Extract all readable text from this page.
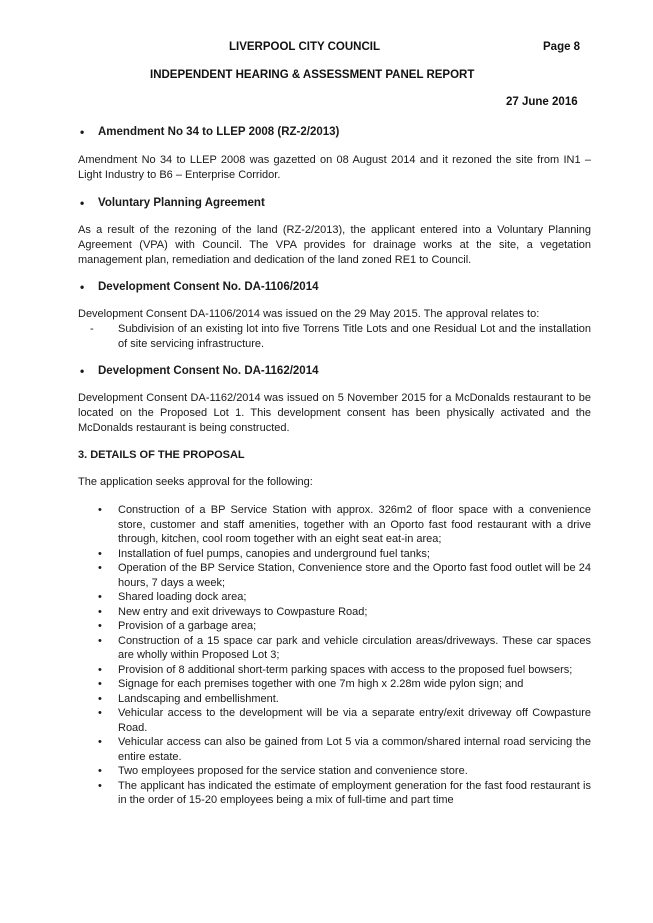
LIVERPOOL CITY COUNCIL	Page 8
INDEPENDENT HEARING & ASSESSMENT PANEL REPORT
27 June 2016
• Amendment No 34 to LLEP 2008 (RZ-2/2013)

Amendment No 34 to LLEP 2008 was gazetted on 08 August 2014 and it rezoned the site from IN1 – Light Industry to B6 – Enterprise Corridor.

• Voluntary Planning Agreement

As a result of the rezoning of the land (RZ-2/2013), the applicant entered into a Voluntary Planning Agreement (VPA) with Council. The VPA provides for drainage works at the site, a vegetation management plan, remediation and dedication of the land zoned RE1 to Council.

• Development Consent No. DA-1106/2014

Development Consent DA-1106/2014 was issued on the 29 May 2015. The approval relates to:

- Subdivision of an existing lot into five Torrens Title Lots and one Residual Lot and the installation of site servicing infrastructure.
• Development Consent No. DA-1162/2014

Development Consent DA-1162/2014 was issued on 5 November 2015 for a McDonalds restaurant to be located on the Proposed Lot 1. This development consent has been physically activated and the McDonalds restaurant is being constructed.

3. DETAILS OF THE PROPOSAL

The application seeks approval for the following:

• Construction of a BP Service Station with approx. 326m2 of floor space with a convenience store, customer and staff amenities, together with an Oporto fast food restaurant with a drive through, kitchen, cool room together with an eight seat eat-in area;
• Installation of fuel pumps, canopies and underground fuel tanks;
• Operation of the BP Service Station, Convenience store and the Oporto fast food outlet will be 24 hours, 7 days a week;
• Shared loading dock area;
• New entry and exit driveways to Cowpasture Road;
• Provision of a garbage area;
• Construction of a 15 space car park and vehicle circulation areas/driveways. These car spaces are wholly within Proposed Lot 3;
• Provision of 8 additional short-term parking spaces with access to the proposed fuel bowsers;
• Signage for each premises together with one 7m high x 2.28m wide pylon sign; and
• Landscaping and embellishment.
• Vehicular access to the development will be via a separate entry/exit driveway off Cowpasture Road.
• Vehicular access can also be gained from Lot 5 via a common/shared internal road servicing the entire estate.
• Two employees proposed for the service station and convenience store.
• The applicant has indicated the estimate of employment generation for the fast food restaurant is in the order of 15-20 employees being a mix of full-time and part time
